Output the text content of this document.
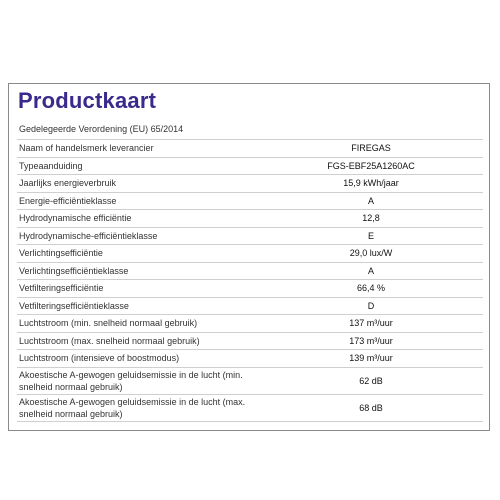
Productkaart
Gedelegeerde Verordening (EU) 65/2014
Naam of handelsmerk leverancier	FIREGAS
Typeaanduiding	FGS-EBF25A1260AC
Jaarlijks energieverbruik	15,9 kWh/jaar
Energie-efficiëntieklasse	A
Hydrodynamische efficiëntie	12,8
Hydrodynamische-efficiëntieklasse	E
Verlichtingsefficiëntie	29,0 lux/W
Verlichtingsefficiëntieklasse	A
Vetfilteringsefficiëntie	66,4 %
Vetfilteringsefficiëntieklasse	D
Luchtstroom (min. snelheid normaal gebruik)	137 m³/uur
Luchtstroom (max. snelheid normaal gebruik)	173 m³/uur
Luchtstroom (intensieve of boostmodus)	139 m³/uur
Akoestische A-gewogen geluidsemissie in de lucht (min. snelheid normaal gebruik)	62 dB
Akoestische A-gewogen geluidsemissie in de lucht (max. snelheid normaal gebruik)	68 dB
